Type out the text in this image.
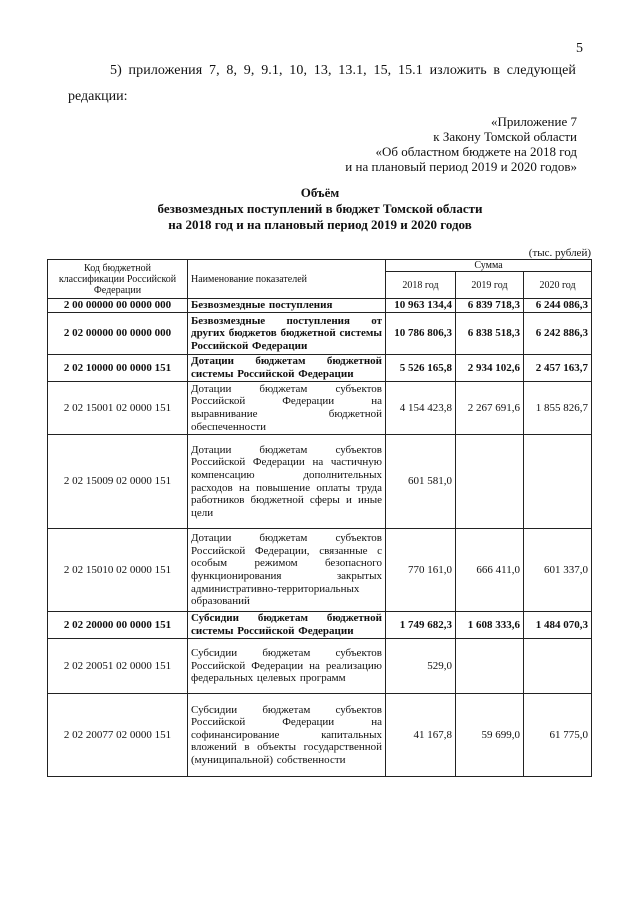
5
5) приложения 7, 8, 9, 9.1, 10, 13, 13.1, 15, 15.1 изложить в следующей
редакции:
«Приложение 7
к Закону Томской области
«Об областном бюджете на 2018 год
и на плановый период 2019 и 2020 годов»
Объём
безвозмездных поступлений в бюджет Томской области
на 2018 год и на плановый период 2019 и 2020 годов
(тыс. рублей)
Код бюджетной классификации Российской Федерации	Наименование показателей	Сумма		
		2018 год	2019 год	2020 год
2 00 00000 00 0000 000	Безвозмездные поступления	10 963 134,4	6 839 718,3	6 244 086,3
2 02 00000 00 0000 000	Безвозмездные поступления от других бюджетов бюджетной системы Российской Федерации	10 786 806,3	6 838 518,3	6 242 886,3
2 02 10000 00 0000 151	Дотации бюджетам бюджетной системы Российской Федерации	5 526 165,8	2 934 102,6	2 457 163,7
2 02 15001 02 0000 151	Дотации бюджетам субъектов Российской Федерации на выравнивание бюджетной обеспеченности	4 154 423,8	2 267 691,6	1 855 826,7
2 02 15009 02 0000 151	Дотации бюджетам субъектов Российской Федерации на частичную компенсацию дополнительных расходов на повышение оплаты труда работников бюджетной сферы и иные цели	601 581,0		
2 02 15010 02 0000 151	Дотации бюджетам субъектов Российской Федерации, связанные с особым режимом безопасного функционирования закрытых административно-территориальных образований	770 161,0	666 411,0	601 337,0
2 02 20000 00 0000 151	Субсидии бюджетам бюджетной системы Российской Федерации	1 749 682,3	1 608 333,6	1 484 070,3
2 02 20051 02 0000 151	Субсидии бюджетам субъектов Российской Федерации на реализацию федеральных целевых программ	529,0		
2 02 20077 02 0000 151	Субсидии бюджетам субъектов Российской Федерации на софинансирование капитальных вложений в объекты государственной (муниципальной) собственности	41 167,8	59 699,0	61 775,0
